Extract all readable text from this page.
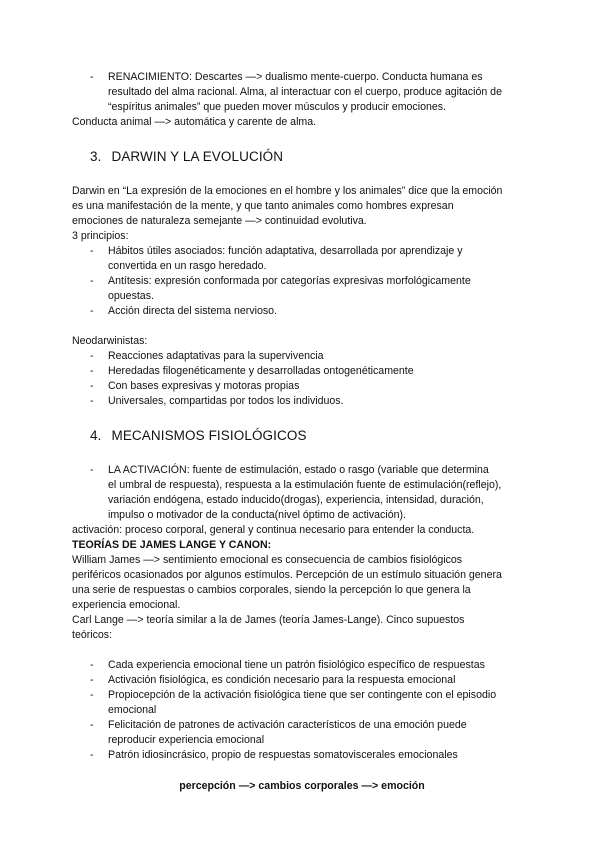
- RENACIMIENTO: Descartes —> dualismo mente-cuerpo. Conducta humana es
resultado del alma racional. Alma, al interactuar con el cuerpo, produce agitación de
“espíritus animales” que pueden mover músculos y producir emociones.

Conducta animal —> automática y carente de alma.

3. DARWIN Y LA EVOLUCIÓN
Darwin en “La expresión de la emociones en el hombre y los animales” dice que la emoción
es una manifestación de la mente, y que tanto animales como hombres expresan
emociones de naturaleza semejante —> continuidad evolutiva.
3 principios:
- Hábitos útiles asociados: función adaptativa, desarrollada por aprendizaje y
convertida en un rasgo heredado.
- Antítesis: expresión conformada por categorías expresivas morfológicamente
opuestas.
- Acción directa del sistema nervioso.
Neodarwinistas:
- Reacciones adaptativas para la supervivencia
- Heredadas filogenéticamente y desarrolladas ontogenéticamente
- Con bases expresivas y motoras propias
- Universales, compartidas por todos los individuos.
4. MECANISMOS FISIOLÓGICOS
- LA ACTIVACIÓN: fuente de estimulación, estado o rasgo (variable que determina
el umbral de respuesta), respuesta a la estimulación fuente de estimulación(reflejo),
variación endógena, estado inducido(drogas), experiencia, intensidad, duración,
impulso o motivador de la conducta(nivel óptimo de activación).
activación: proceso corporal, general y continua necesario para entender la conducta.
TEORÍAS DE JAMES LANGE Y CANON:
William James —> sentimiento emocional es consecuencia de cambios fisiológicos
periféricos ocasionados por algunos estímulos. Percepción de un estímulo situación genera
una serie de respuestas o cambios corporales, siendo la percepción lo que genera la
experiencia emocional.
Carl Lange —> teoría similar a la de James (teoría James-Lange). Cinco supuestos
teóricos:
- Cada experiencia emocional tiene un patrón fisiológico específico de respuestas
- Activación fisiológica, es condición necesario para la respuesta emocional
- Propiocepción de la activación fisiológica tiene que ser contingente con el episodio
emocional
- Felicitación de patrones de activación característicos de una emoción puede
reproducir experiencia emocional
- Patrón idiosincrásico, propio de respuestas somatoviscerales emocionales
percepción —> cambios corporales —> emoción
